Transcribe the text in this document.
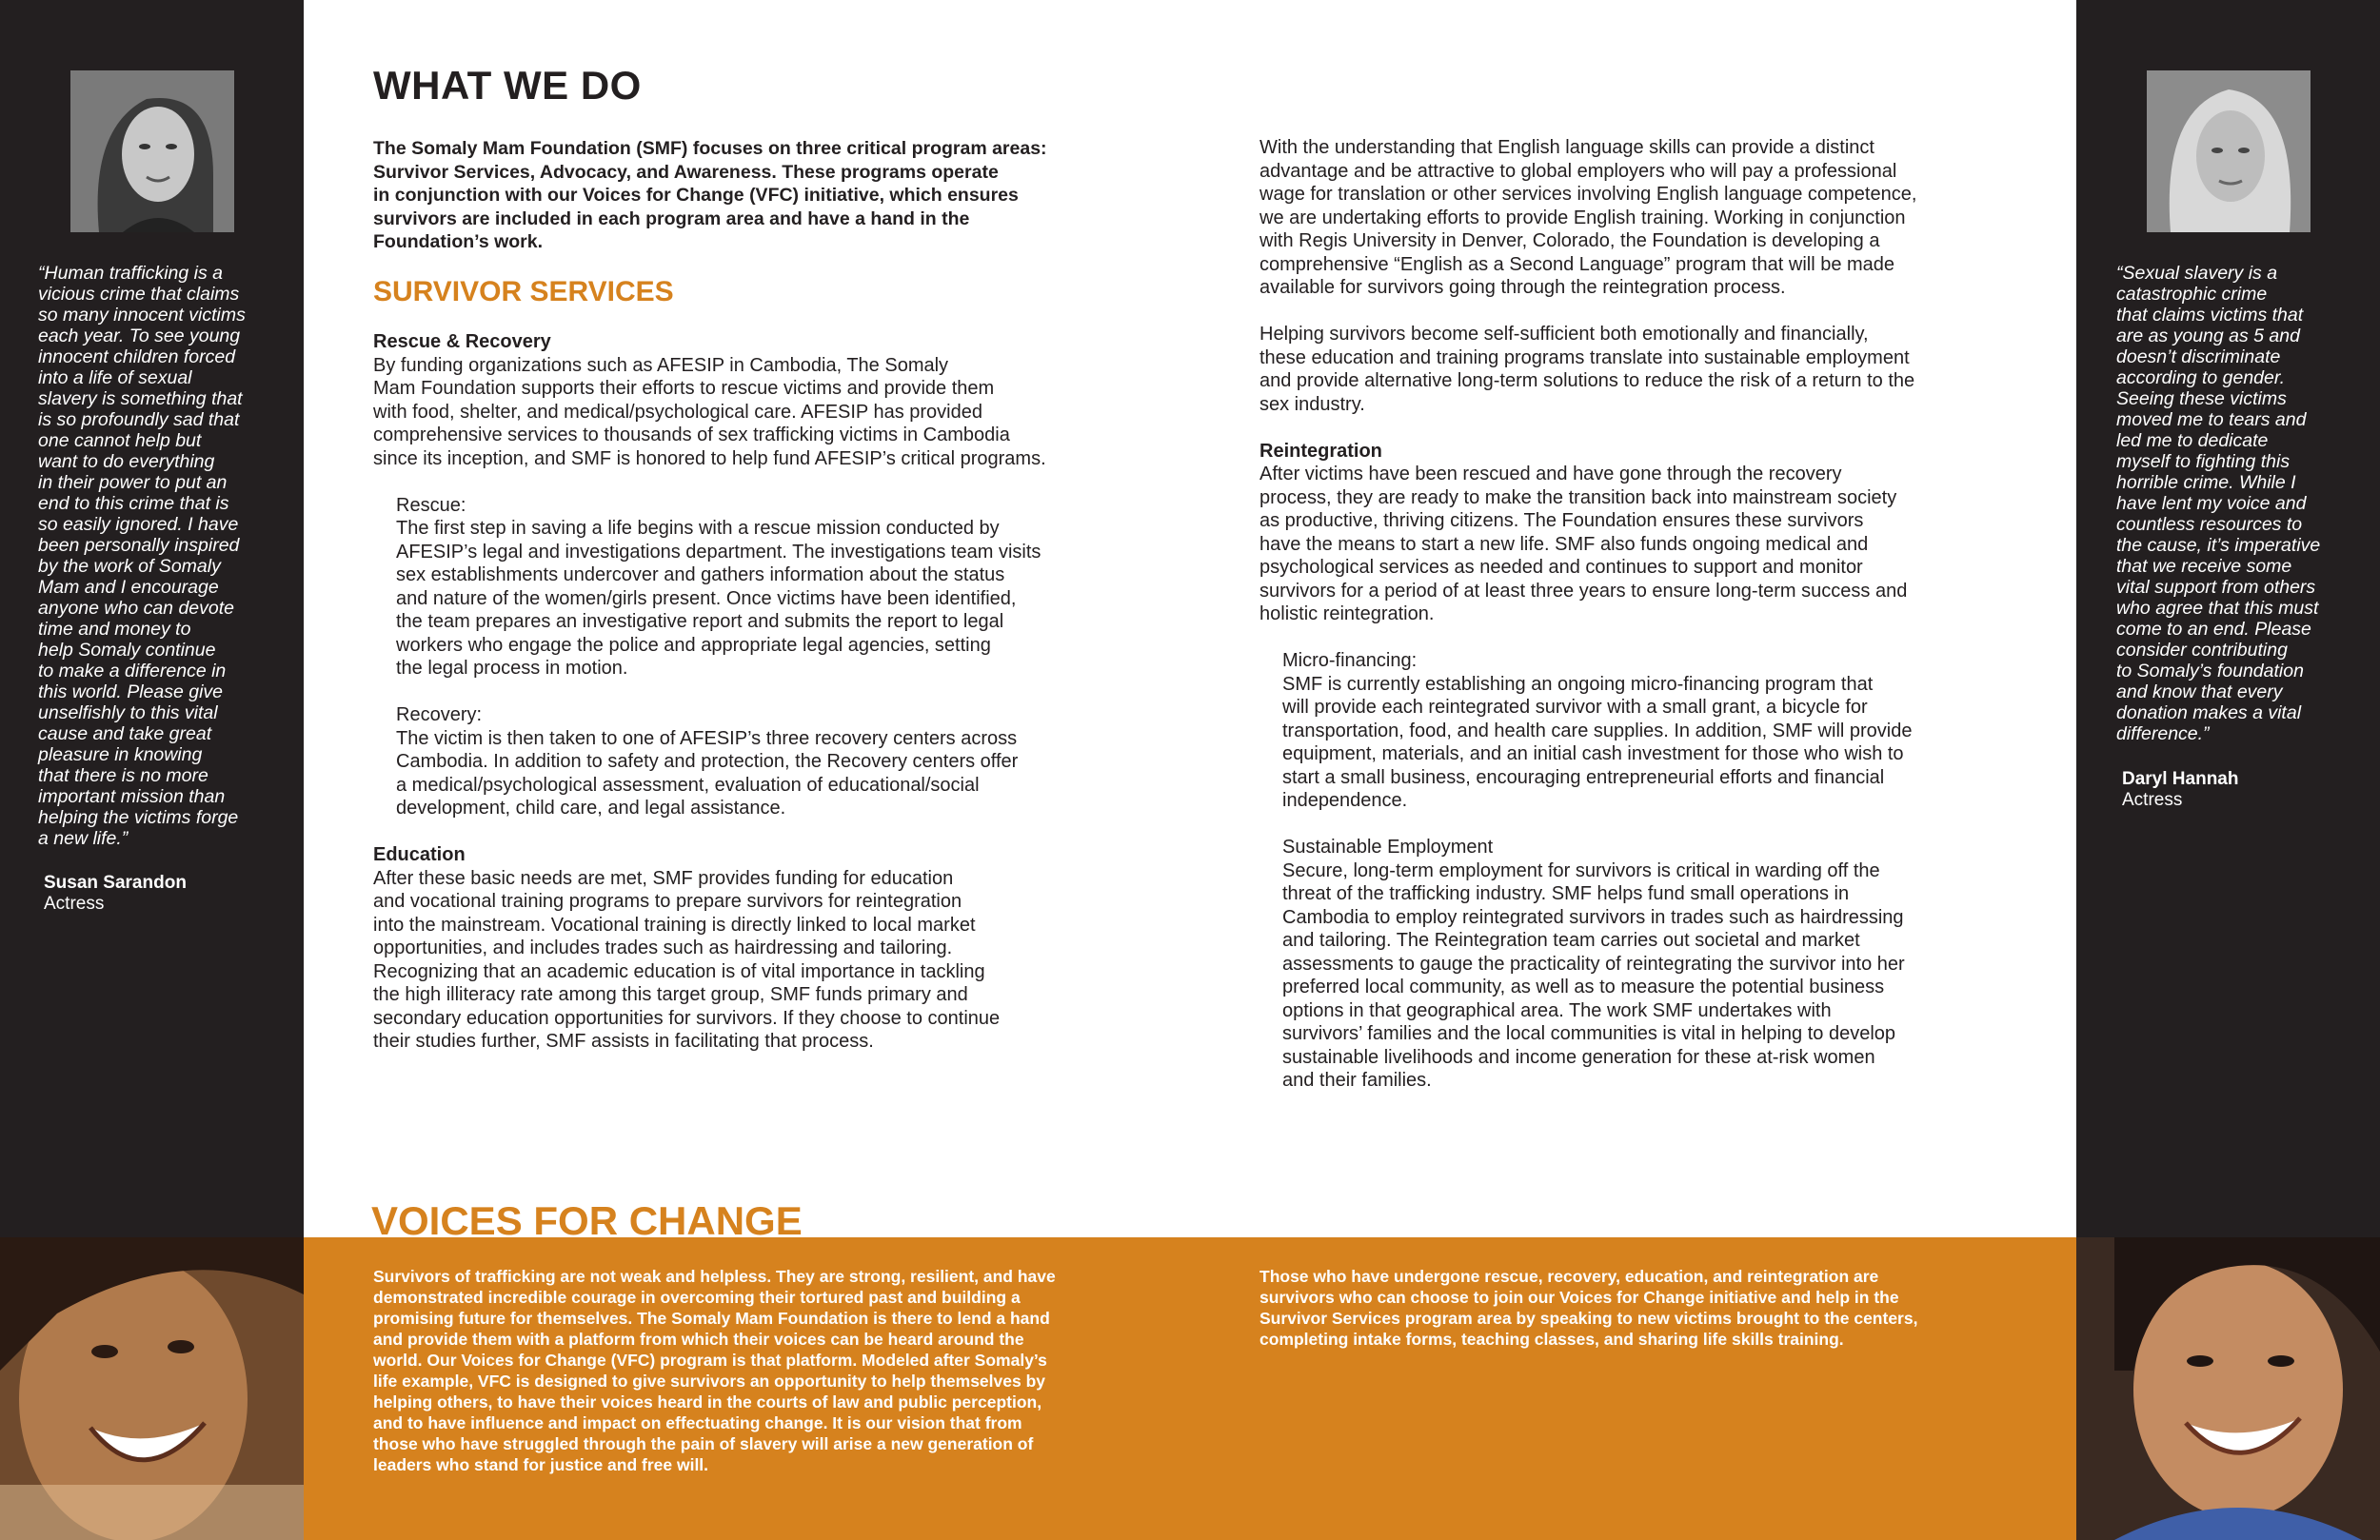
“Human trafficking is a
vicious crime that claims
so many innocent victims
each year. To see young
innocent children forced
into a life of sexual
slavery is something that
is so profoundly sad that
one cannot help but
want to do everything
in their power to put an
end to this crime that is
so easily ignored. I have
been personally inspired
by the work of Somaly
Mam and I encourage
anyone who can devote
time and money to
help Somaly continue
to make a difference in
this world. Please give
unselfishly to this vital
cause and take great
pleasure in knowing
that there is no more
important mission than
helping the victims forge
a new life.”
Susan Sarandon
Actress
“Sexual slavery is a
catastrophic crime
that claims victims that
are as young as 5 and
doesn’t discriminate
according to gender.
Seeing these victims
moved me to tears and
led me to dedicate
myself to fighting this
horrible crime. While I
have lent my voice and
countless resources to
the cause, it’s imperative
that we receive some
vital support from others
who agree that this must
come to an end. Please
consider contributing
to Somaly’s foundation
and know that every
donation makes a vital
difference.”
Daryl Hannah
Actress
WHAT WE DO
The Somaly Mam Foundation (SMF) focuses on three critical program areas:
Survivor Services, Advocacy, and Awareness. These programs operate
in conjunction with our Voices for Change (VFC) initiative, which ensures
survivors are included in each program area and have a hand in the
Foundation’s work.
SURVIVOR SERVICES
Rescue & Recovery
By funding organizations such as AFESIP in Cambodia, The Somaly
Mam Foundation supports their efforts to rescue victims and provide them
with food, shelter, and medical/psychological care. AFESIP has provided
comprehensive services to thousands of sex trafficking victims in Cambodia
since its inception, and SMF is honored to help fund AFESIP’s critical programs.
Rescue:
The first step in saving a life begins with a rescue mission conducted by
AFESIP’s legal and investigations department. The investigations team visits
sex establishments undercover and gathers information about the status
and nature of the women/girls present. Once victims have been identified,
the team prepares an investigative report and submits the report to legal
workers who engage the police and appropriate legal agencies, setting
the legal process in motion.
Recovery:
The victim is then taken to one of AFESIP’s three recovery centers across
Cambodia. In addition to safety and protection, the Recovery centers offer
a medical/psychological assessment, evaluation of educational/social
development, child care, and legal assistance.
Education
After these basic needs are met, SMF provides funding for education
and vocational training programs to prepare survivors for reintegration
into the mainstream. Vocational training is directly linked to local market
opportunities, and includes trades such as hairdressing and tailoring.
Recognizing that an academic education is of vital importance in tackling
the high illiteracy rate among this target group, SMF funds primary and
secondary education opportunities for survivors. If they choose to continue
their studies further, SMF assists in facilitating that process.
With the understanding that English language skills can provide a distinct
advantage and be attractive to global employers who will pay a professional
wage for translation or other services involving English language competence,
we are undertaking efforts to provide English training. Working in conjunction
with Regis University in Denver, Colorado, the Foundation is developing a
comprehensive “English as a Second Language” program that will be made
available for survivors going through the reintegration process.
Helping survivors become self-sufficient both emotionally and financially,
these education and training programs translate into sustainable employment
and provide alternative long-term solutions to reduce the risk of a return to the
sex industry.
Reintegration
After victims have been rescued and have gone through the recovery
process, they are ready to make the transition back into mainstream society
as productive, thriving citizens. The Foundation ensures these survivors
have the means to start a new life. SMF also funds ongoing medical and
psychological services as needed and continues to support and monitor
survivors for a period of at least three years to ensure long-term success and
holistic reintegration.
Micro-financing:
SMF is currently establishing an ongoing micro-financing program that
will provide each reintegrated survivor with a small grant, a bicycle for
transportation, food, and health care supplies. In addition, SMF will provide
equipment, materials, and an initial cash investment for those who wish to
start a small business, encouraging entrepreneurial efforts and financial
independence.
Sustainable Employment
Secure, long-term employment for survivors is critical in warding off the
threat of the trafficking industry. SMF helps fund small operations in
Cambodia to employ reintegrated survivors in trades such as hairdressing
and tailoring. The Reintegration team carries out societal and market
assessments to gauge the practicality of reintegrating the survivor into her
preferred local community, as well as to measure the potential business
options in that geographical area. The work SMF undertakes with
survivors’ families and the local communities is vital in helping to develop
sustainable livelihoods and income generation for these at-risk women
and their families.
VOICES FOR CHANGE
Survivors of trafficking are not weak and helpless. They are strong, resilient, and have
demonstrated incredible courage in overcoming their tortured past and building a
promising future for themselves. The Somaly Mam Foundation is there to lend a hand
and provide them with a platform from which their voices can be heard around the
world. Our Voices for Change (VFC) program is that platform. Modeled after Somaly’s
life example, VFC is designed to give survivors an opportunity to help themselves by
helping others, to have their voices heard in the courts of law and public perception,
and to have influence and impact on effectuating change. It is our vision that from
those who have struggled through the pain of slavery will arise a new generation of
leaders who stand for justice and free will.
Those who have undergone rescue, recovery, education, and reintegration are
survivors who can choose to join our Voices for Change initiative and help in the
Survivor Services program area by speaking to new victims brought to the centers,
completing intake forms, teaching classes, and sharing life skills training.
